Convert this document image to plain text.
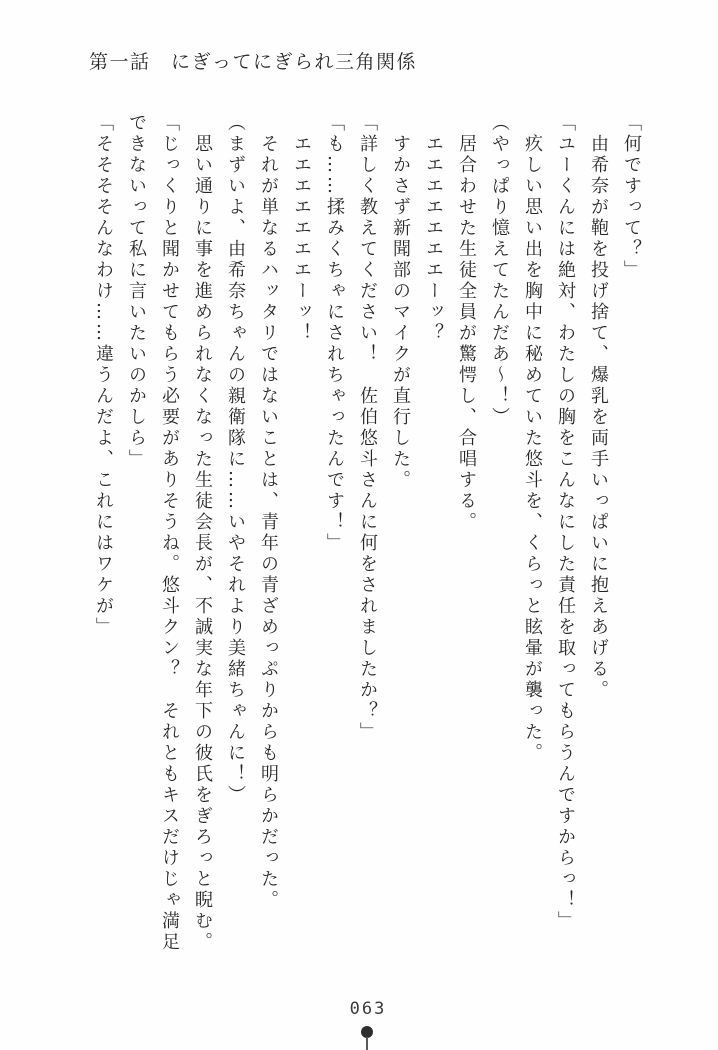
第一話　にぎってにぎられ三角関係

「何ですって？」

　由希奈が鞄を投げ捨て、爆乳を両手いっぱいに抱えあげる。

「ユーくんには絶対、わたしの胸をこんなにした責任を取ってもらうんですからっ！」

　疚しい思い出を胸中に秘めていた悠斗を、くらっと眩暈が襲った。

（やっぱり憶えてたんだあ～！）

　居合わせた生徒全員が驚愕し、合唱する。

　エエエエエエエーッ？

　すかさず新聞部のマイクが直行した。

「詳しく教えてください！　佐伯悠斗さんに何をされましたか？」

「も……揉みくちゃにされちゃったんです！」

　エエエエエエエーッ！

　それが単なるハッタリではないことは、青年の青ざめっぷりからも明らかだった。

（まずいよ、由希奈ちゃんの親衛隊に……いやそれより美緒ちゃんに！）

　思い通りに事を進められなくなった生徒会長が、不誠実な年下の彼氏をぎろっと睨む。

「じっくりと聞かせてもらう必要がありそうね。悠斗クン？　それともキスだけじゃ満足できないって私に言いたいのかしら」

「そそそそんなわけ……違うんだよ、これにはワケが」

063
